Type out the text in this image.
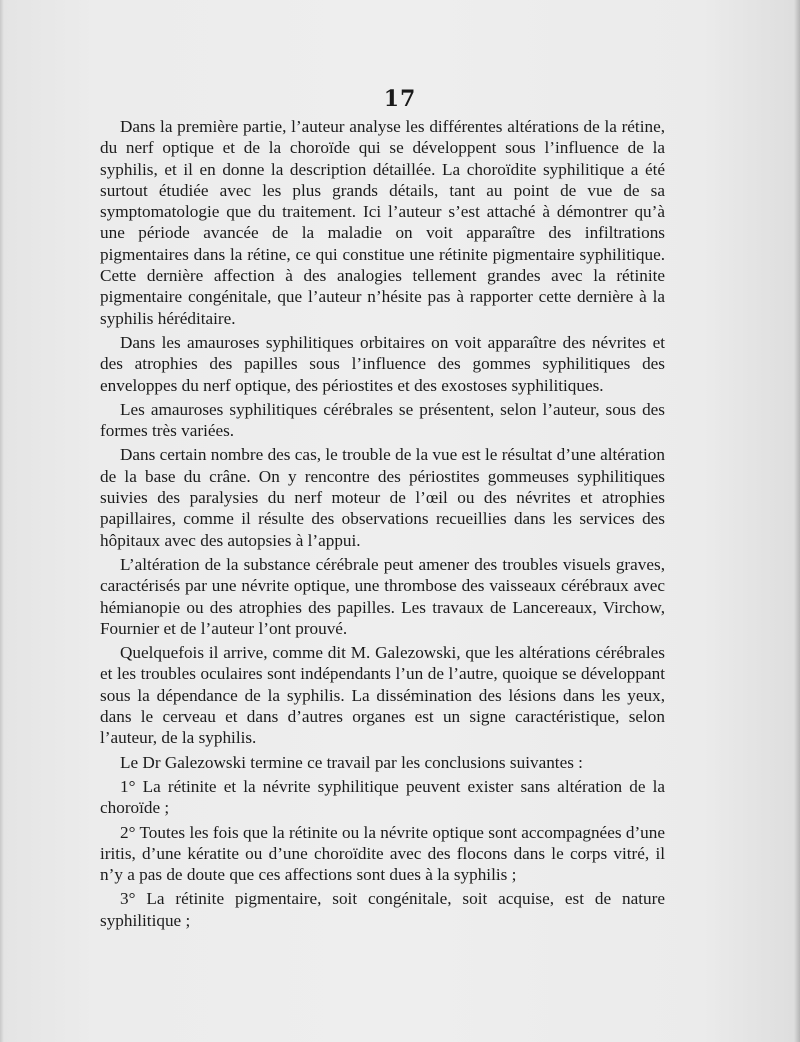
17

Dans la première partie, l’auteur analyse les différentes altérations de la rétine, du nerf optique et de la choroïde qui se développent sous l’influence de la syphilis, et il en donne la description détaillée. La choroïdite syphilitique a été surtout étudiée avec les plus grands détails, tant au point de vue de sa symptomatologie que du traitement. Ici l’auteur s’est attaché à démontrer qu’à une période avancée de la maladie on voit apparaître des infiltrations pigmentaires dans la rétine, ce qui constitue une rétinite pigmentaire syphilitique. Cette dernière affection à des analogies tellement grandes avec la rétinite pigmentaire congénitale, que l’auteur n’hésite pas à rapporter cette dernière à la syphilis héréditaire.

Dans les amauroses syphilitiques orbitaires on voit apparaître des névrites et des atrophies des papilles sous l’influence des gommes syphilitiques des enveloppes du nerf optique, des périostites et des exostoses syphilitiques.

Les amauroses syphilitiques cérébrales se présentent, selon l’auteur, sous des formes très variées.

Dans certain nombre des cas, le trouble de la vue est le résultat d’une altération de la base du crâne. On y rencontre des périostites gommeuses syphilitiques suivies des paralysies du nerf moteur de l’œil ou des névrites et atrophies papillaires, comme il résulte des observations recueillies dans les services des hôpitaux avec des autopsies à l’appui.

L’altération de la substance cérébrale peut amener des troubles visuels graves, caractérisés par une névrite optique, une thrombose des vaisseaux cérébraux avec hémianopie ou des atrophies des papilles. Les travaux de Lancereaux, Virchow, Fournier et de l’auteur l’ont prouvé.

Quelquefois il arrive, comme dit M. Galezowski, que les altérations cérébrales et les troubles oculaires sont indépendants l’un de l’autre, quoique se développant sous la dépendance de la syphilis. La dissémination des lésions dans les yeux, dans le cerveau et dans d’autres organes est un signe caractéristique, selon l’auteur, de la syphilis.

Le Dr Galezowski termine ce travail par les conclusions suivantes :

1° La rétinite et la névrite syphilitique peuvent exister sans altération de la choroïde ;

2° Toutes les fois que la rétinite ou la névrite optique sont accompagnées d’une iritis, d’une kératite ou d’une choroïdite avec des flocons dans le corps vitré, il n’y a pas de doute que ces affections sont dues à la syphilis ;

3° La rétinite pigmentaire, soit congénitale, soit acquise, est de nature syphilitique ;
